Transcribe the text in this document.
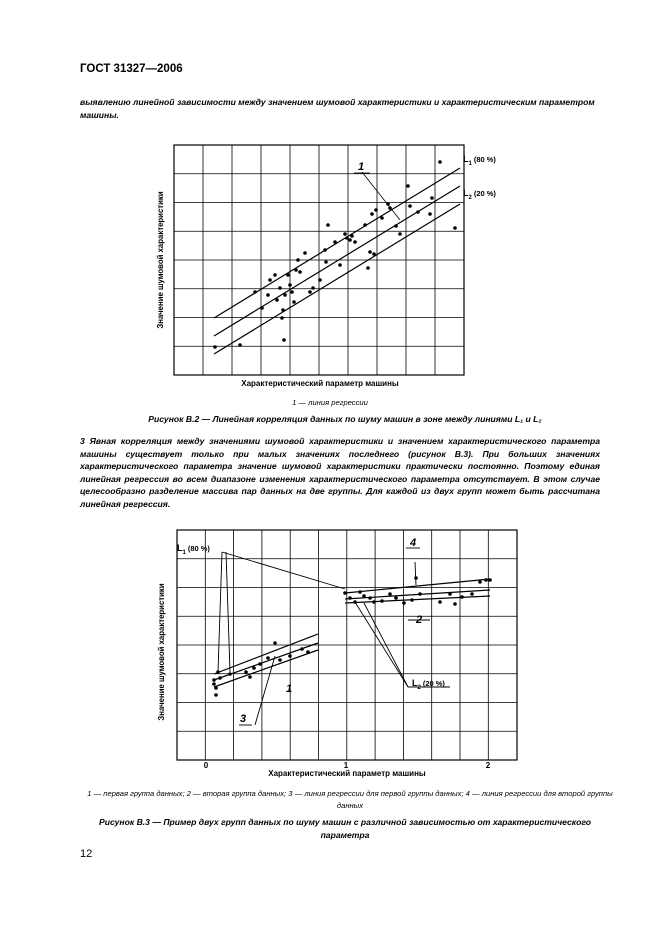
ГОСТ 31327—2006
выявлению линейной зависимости между значением шумовой характеристики и характеристическим параметром машины.
1
$L_1$ $^{(80 \%)}$
$L_2$ $^{(20 \%)}$
Значение шумовой характеристики
Характеристический параметр машины
1 — линия регрессии
Рисунок В.2 — Линейная корреляция данных по шуму машин в зоне между линиями L₁ и L₂
3 Явная корреляция между значениями шумовой характеристики и значением характеристического параметра машины существует только при малых значениях последнего (рисунок В.3). При больших значениях характеристического параметра значение шумовой характеристики практически постоянно. Поэтому единая линейная регрессия во всем диапазоне изменения характеристического параметра отсутствует. В этом случае целесообразно разделение массива пар данных на две группы. Для каждой из двух групп может быть рассчитана линейная регрессия.
$L_1$ $^{(80 \%)}$
$L_2$ $^{(20 \%)}$
1
2
3
4
0	1	2
Значение шумовой характеристики
Характеристический параметр машины
1 — первая группа данных; 2 — вторая группа данных; 3 — линия регрессии для первой группы данных; 4 — линия регрессии для второй группы данных
Рисунок В.3 — Пример двух групп данных по шуму машин с различной зависимостью от характеристического параметра
12
